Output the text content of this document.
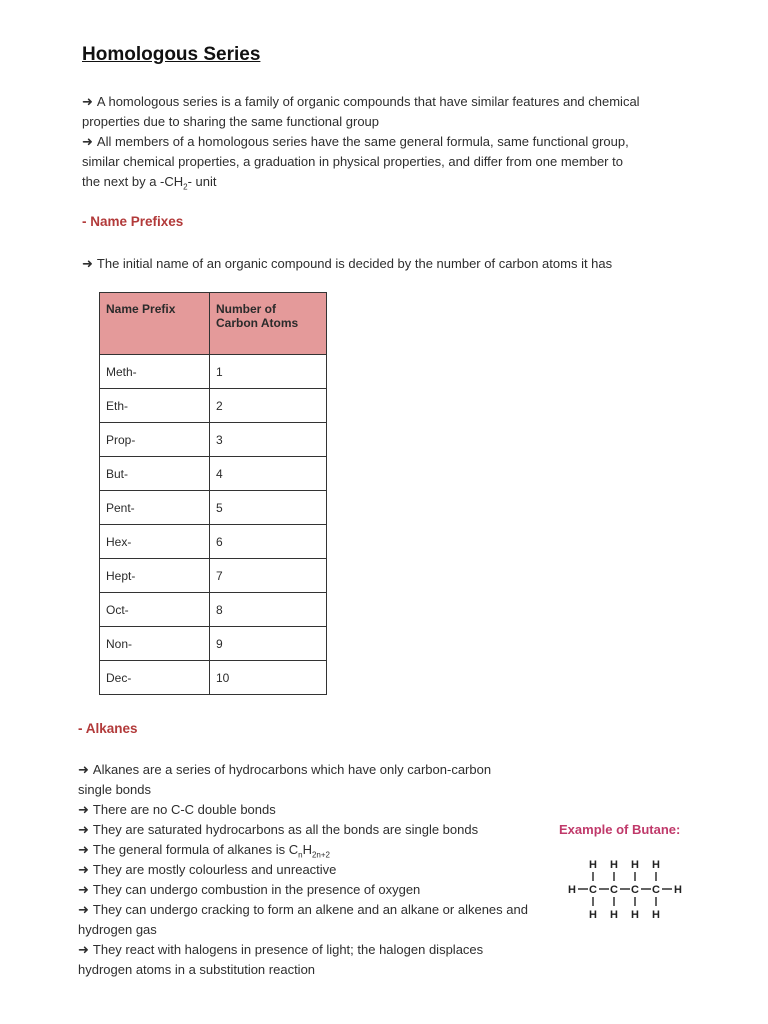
Homologous Series
➜ A homologous series is a family of organic compounds that have similar features and chemical properties due to sharing the same functional group
➜ All members of a homologous series have the same general formula, same functional group, similar chemical properties, a graduation in physical properties, and differ from one member to the next by a $-CH_2-$ unit
- Name Prefixes
➜ The initial name of an organic compound is decided by the number of carbon atoms it has
Name Prefix	Number of Carbon Atoms
Meth-	1
Eth-	2
Prop-	3
But-	4
Pent-	5
Hex-	6
Hept-	7
Oct-	8
Non-	9
Dec-	10
- Alkanes
➜ Alkanes are a series of hydrocarbons which have only carbon-carbon single bonds
➜ There are no C-C double bonds
➜ They are saturated hydrocarbons as all the bonds are single bonds
➜ The general formula of alkanes is $C_nH_{2n+2}$
➜ They are mostly colourless and unreactive
➜ They can undergo combustion in the presence of oxygen
➜ They can undergo cracking to form an alkene and an alkane or alkenes and hydrogen gas
➜ They react with halogens in presence of light; the halogen displaces hydrogen atoms in a substitution reaction
Example of Butane:
H H H H
H C C C C H
H H H H
